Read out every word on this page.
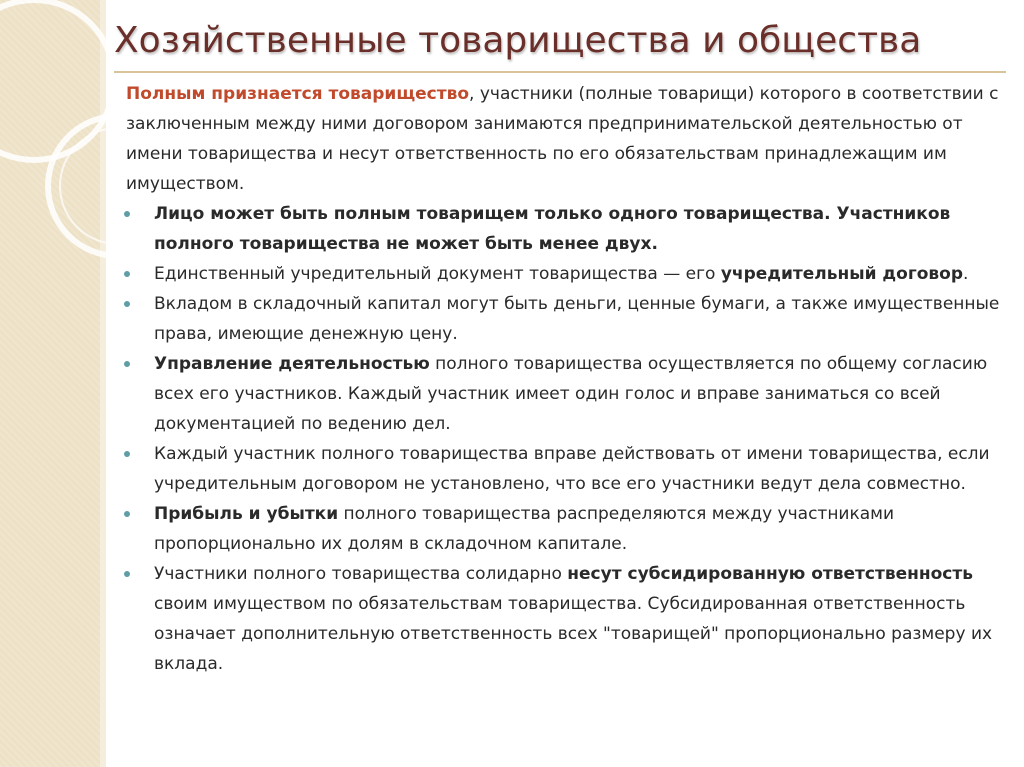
Хозяйственные товарищества и общества

Полным признается товарищество, участники (полные товарищи) которого в соответствии с заключенным между ними договором занимаются предпринимательской деятельностью от имени товарищества и несут ответственность по его обязательствам принадлежащим им имуществом.

Лицо может быть полным товарищем только одного товарищества. Участников полного товарищества не может быть менее двух.
Единственный учредительный документ товарищества — его учредительный договор.
Вкладом в складочный капитал могут быть деньги, ценные бумаги, а также имущественные права, имеющие денежную цену.
Управление деятельностью полного товарищества осуществляется по общему согласию всех его участников. Каждый участник имеет один голос и вправе заниматься со всей документацией по ведению дел.
Каждый участник полного товарищества вправе действовать от имени товарищества, если учредительным договором не установлено, что все его участники ведут дела совместно.
Прибыль и убытки полного товарищества распределяются между участниками пропорционально их долям в складочном капитале.
Участники полного товарищества солидарно несут субсидированную ответственность своим имуществом по обязательствам товарищества. Субсидированная ответственность означает дополнительную ответственность всех "товарищей" пропорционально размеру их вклада.
